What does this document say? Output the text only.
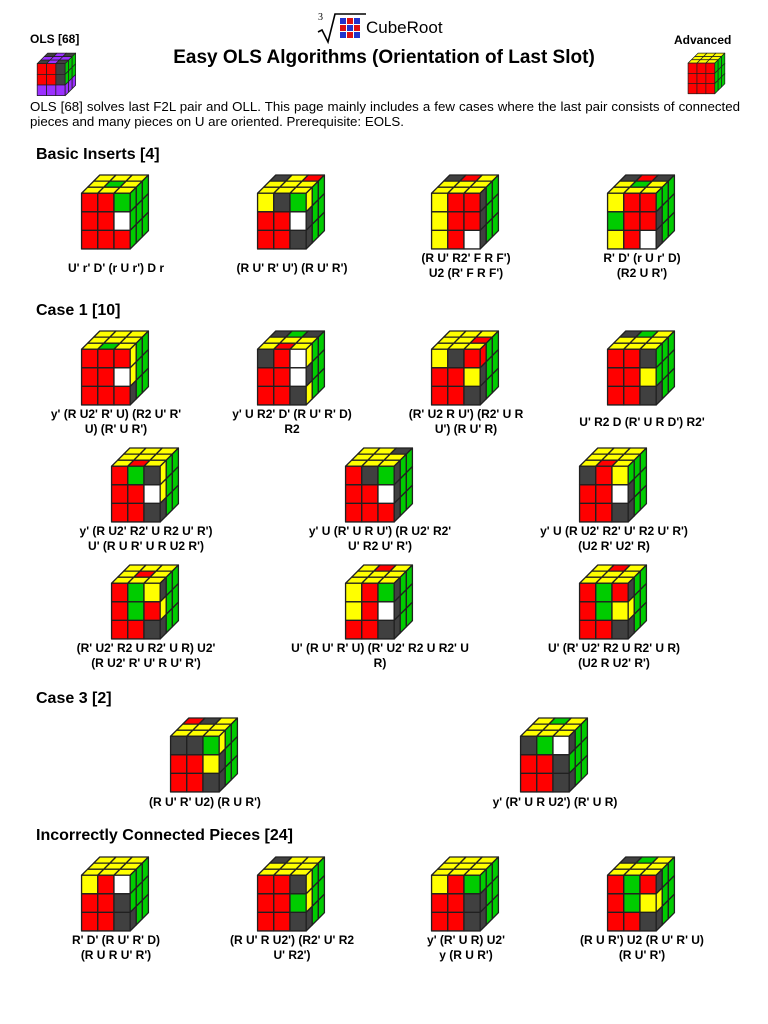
OLS [68]
3
CubeRoot
Advanced
Easy OLS Algorithms (Orientation of Last Slot)
OLS [68] solves last F2L pair and OLL. This page mainly includes a few cases where the last pair consists of connected pieces and many pieces on U are oriented. Prerequisite: EOLS.
Basic Inserts [4]
Case 1 [10]
Case 3 [2]
Incorrectly Connected Pieces [24]
U' r' D' (r U r') D r	(R U' R' U') (R U' R')
(R U' R2' F R F')
U2 (R' F R F')
R' D' (r U r' D)
(R2 U R')
y' (R U2' R' U) (R2 U' R'
U) (R' U R')
y' U R2' D' (R U' R' D)
R2
(R' U2 R U') (R2' U R
U') (R U' R)	U' R2 D (R' U R D') R2'
y' (R U2' R2' U R2 U' R')
U' (R U R' U R U2 R')
y' U (R' U R U') (R U2' R2'
U' R2 U' R')
y' U (R U2' R2' U' R2 U' R')
(U2 R' U2' R)
(R' U2' R2 U R2' U R) U2'
(R U2' R' U' R U' R')
U' (R U' R' U) (R' U2' R2 U R2' U
R)
U' (R' U2' R2 U R2' U R)
(U2 R U2' R')
(R U' R' U2) (R U R')	y' (R' U R U2') (R' U R)
R' D' (R U' R' D)
(R U R U' R')
(R U' R U2') (R2' U' R2
U' R2')
y' (R' U R) U2'
y (R U R')
(R U R') U2 (R U' R' U)
(R U' R')
